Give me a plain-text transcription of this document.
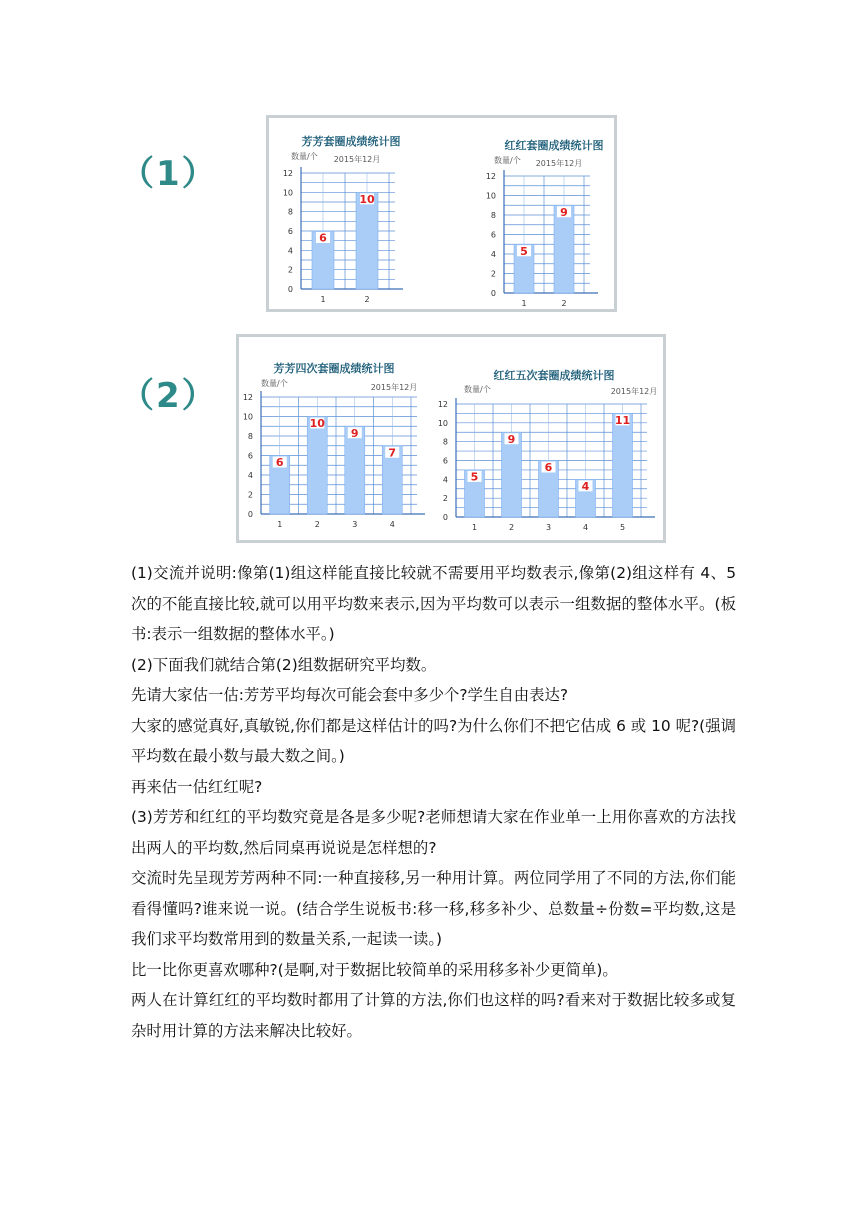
（1）
（2）
6
1
10
2
0
2
4
6
8
10
12
芳芳套圈成绩统计图
数量/个 2015年12月
5
1
9
2
0
2
4
6
8
10
12
红红套圈成绩统计图
数量/个 2015年12月
6
1
10
2
9
3
7
4
0
2
4
6
8
10
12
芳芳四次套圈成绩统计图
数量/个	2015年12月
5
1
9
2
6
3
4
4
11
5
0
2
4
6
8
10
12
红红五次套圈成绩统计图
数量/个	2015年12月

(1)交流并说明:像第(1)组这样能直接比较就不需要用平均数表示,像第(2)组这样有 4、5 次的不能直接比较,就可以用平均数来表示,因为平均数可以表示一组数据的整体水平。(板书:表示一组数据的整体水平。)

(2)下面我们就结合第(2)组数据研究平均数。

先请大家估一估:芳芳平均每次可能会套中多少个?学生自由表达?

大家的感觉真好,真敏锐,你们都是这样估计的吗?为什么你们不把它估成 6 或 10 呢?(强调平均数在最小数与最大数之间。)

再来估一估红红呢?

(3)芳芳和红红的平均数究竟是各是多少呢?老师想请大家在作业单一上用你喜欢的方法找出两人的平均数,然后同桌再说说是怎样想的?

交流时先呈现芳芳两种不同:一种直接移,另一种用计算。两位同学用了不同的方法,你们能看得懂吗?谁来说一说。(结合学生说板书:移一移,移多补少、总数量÷份数=平均数,这是我们求平均数常用到的数量关系,一起读一读。)

比一比你更喜欢哪种?(是啊,对于数据比较简单的采用移多补少更简单)。

两人在计算红红的平均数时都用了计算的方法,你们也这样的吗?看来对于数据比较多或复杂时用计算的方法来解决比较好。
